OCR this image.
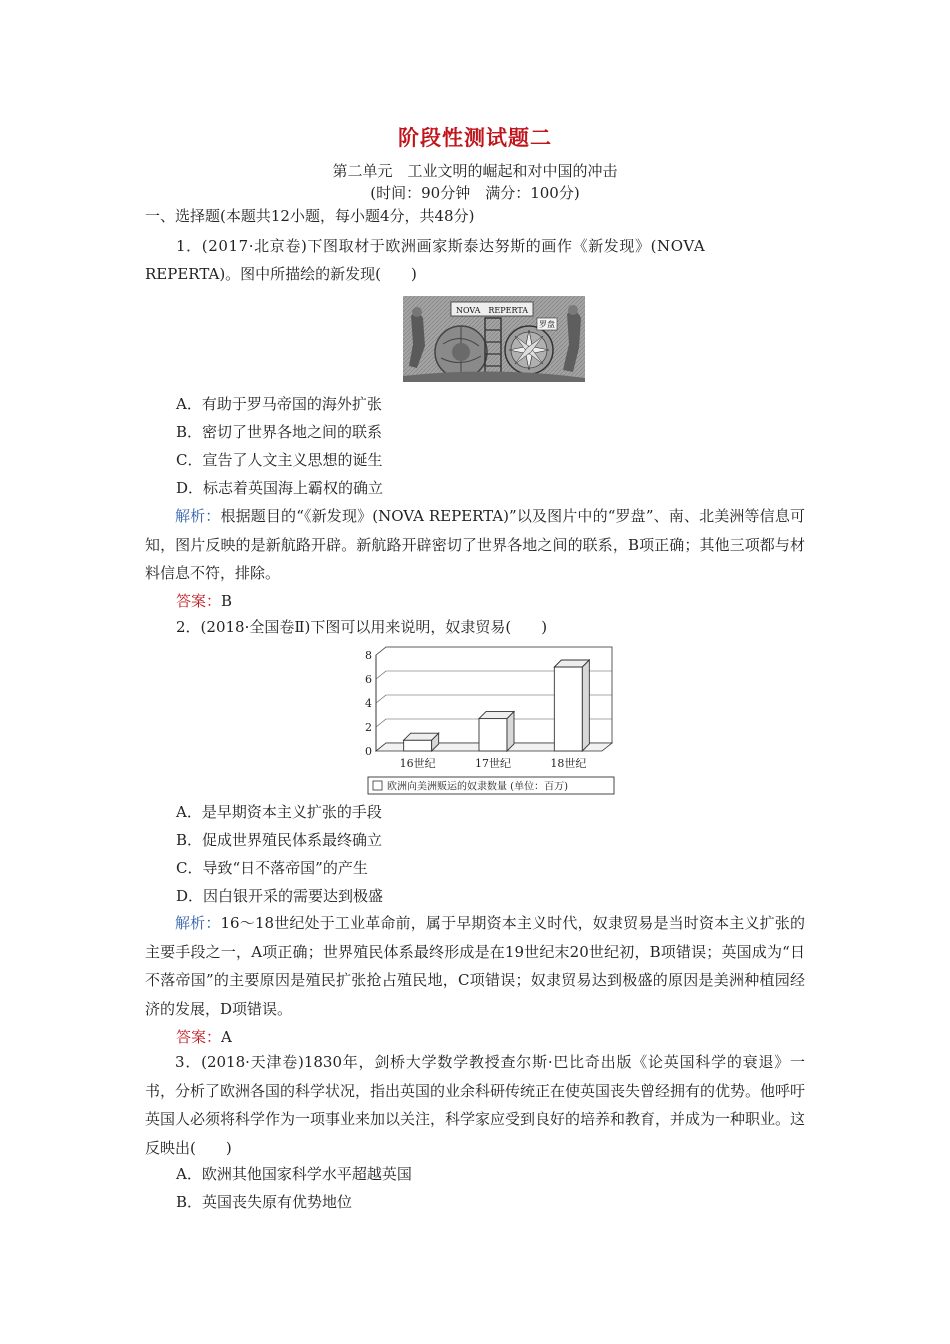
阶段性测试题二
第二单元　工业文明的崛起和对中国的冲击
(时间：90分钟　满分：100分)
一、选择题(本题共12小题，每小题4分，共48分)
1．(2017·北京卷)下图取材于欧洲画家斯泰达努斯的画作《新发现》(NOVA
REPERTA)。图中所描绘的新发现(　　)
NOVA　REPERTA
罗盘
A．有助于罗马帝国的海外扩张
B．密切了世界各地之间的联系
C．宣告了人文主义思想的诞生
D．标志着英国海上霸权的确立
解析：根据题目的“《新发现》(NOVA REPERTA)”以及图片中的“罗盘”、南、北美洲等信息可知，图片反映的是新航路开辟。新航路开辟密切了世界各地之间的联系，B项正确；其他三项都与材料信息不符，排除。
答案：B
2．(2018·全国卷Ⅱ)下图可以用来说明，奴隶贸易(　　)
0
2
4
6
8
16世纪	17世纪	18世纪
欧洲向美洲贩运的奴隶数量 (单位：百万)
A．是早期资本主义扩张的手段
B．促成世界殖民体系最终确立
C．导致“日不落帝国”的产生
D．因白银开采的需要达到极盛
解析：16～18世纪处于工业革命前，属于早期资本主义时代，奴隶贸易是当时资本主义扩张的主要手段之一，A项正确；世界殖民体系最终形成是在19世纪末20世纪初，B项错误；英国成为“日不落帝国”的主要原因是殖民扩张抢占殖民地，C项错误；奴隶贸易达到极盛的原因是美洲种植园经济的发展，D项错误。
答案：A
3．(2018·天津卷)1830年，剑桥大学数学教授查尔斯·巴比奇出版《论英国科学的衰退》一书，分析了欧洲各国的科学状况，指出英国的业余科研传统正在使英国丧失曾经拥有的优势。他呼吁英国人必须将科学作为一项事业来加以关注，科学家应受到良好的培养和教育，并成为一种职业。这反映出(　　)
A．欧洲其他国家科学水平超越英国
B．英国丧失原有优势地位
